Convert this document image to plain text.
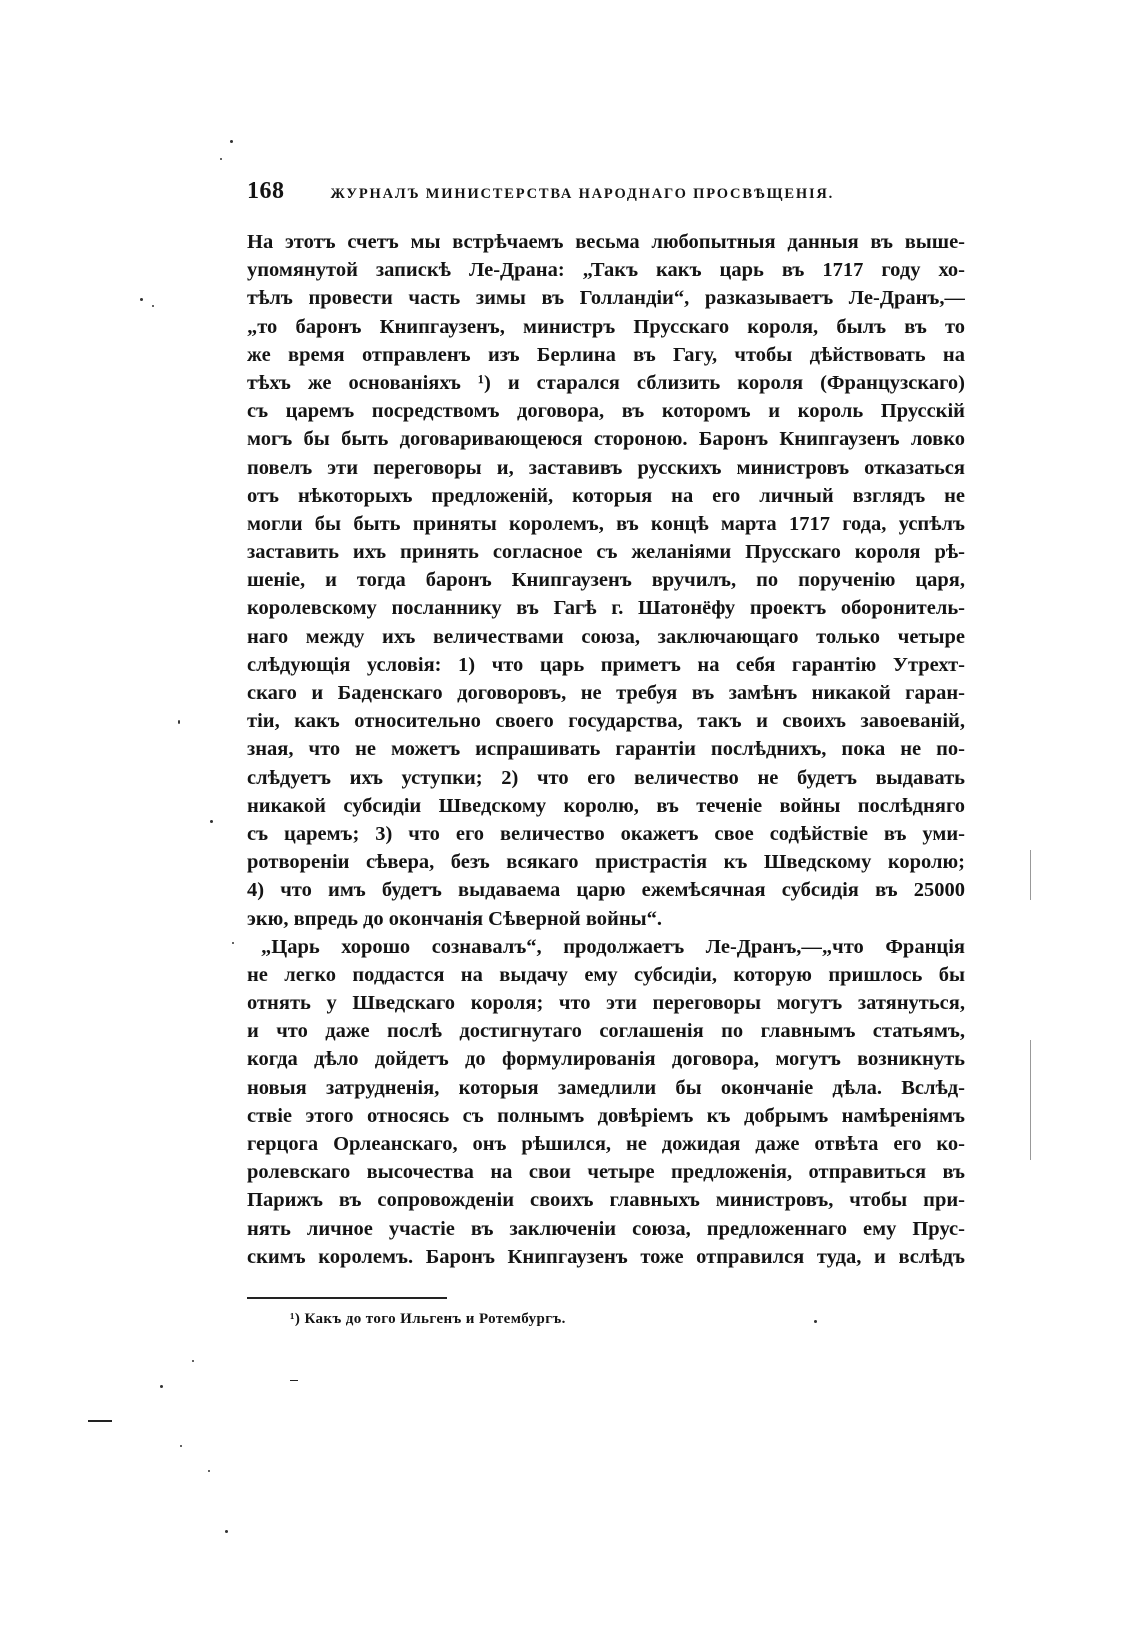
168	ЖУРНАЛЪ МИНИСТЕРСТВА НАРОДНАГО ПРОСВѢЩЕНІЯ.
На этотъ счетъ мы встрѣчаемъ весьма любопытныя данныя въ выше-
упомянутой запискѣ Ле-Драна: „Такъ какъ царь въ 1717 году хо-
тѣлъ провести часть зимы въ Голландіи“, разказываетъ Ле-Дранъ,—
„то баронъ Книпгаузенъ, министръ Прусскаго короля, былъ въ то
же время отправленъ изъ Берлина въ Гагу, чтобы дѣйствовать на
тѣхъ же основаніяхъ ¹) и старался сблизить короля (Французскаго)
съ царемъ посредствомъ договора, въ которомъ и король Прусскій
могъ бы быть договаривающеюся стороною. Баронъ Книпгаузенъ ловко
повелъ эти переговоры и, заставивъ русскихъ министровъ отказаться
отъ нѣкоторыхъ предложеній, которыя на его личный взглядъ не
могли бы быть приняты королемъ, въ концѣ марта 1717 года, успѣлъ
заставить ихъ принять согласное съ желаніями Прусскаго короля рѣ-
шеніе, и тогда баронъ Книпгаузенъ вручилъ, по порученію царя,
королевскому посланнику въ Гагѣ г. Шатонёфу проектъ оборонитель-
наго между ихъ величествами союза, заключающаго только четыре
слѣдующія условія: 1) что царь приметъ на себя гарантію Утрехт-
скаго и Баденскаго договоровъ, не требуя въ замѣнъ никакой гаран-
тіи, какъ относительно своего государства, такъ и своихъ завоеваній,
зная, что не можетъ испрашивать гарантіи послѣднихъ, пока не по-
слѣдуетъ ихъ уступки; 2) что его величество не будетъ выдавать
никакой субсидіи Шведскому королю, въ теченіе войны послѣдняго
съ царемъ; 3) что его величество окажетъ свое содѣйствіе въ уми-
ротвореніи сѣвера, безъ всякаго пристрастія къ Шведскому королю;
4) что имъ будетъ выдаваема царю ежемѣсячная субсидія въ 25000
экю, впредь до окончанія Сѣверной войны“.
„Царь хорошо сознавалъ“, продолжаетъ Ле-Дранъ,—„что Франція
не легко поддастся на выдачу ему субсидіи, которую пришлось бы
отнять у Шведскаго короля; что эти переговоры могутъ затянуться,
и что даже послѣ достигнутаго соглашенія по главнымъ статьямъ,
когда дѣло дойдетъ до формулированія договора, могутъ возникнуть
новыя затрудненія, которыя замедлили бы окончаніе дѣла. Вслѣд-
ствіе этого относясь съ полнымъ довѣріемъ къ добрымъ намѣреніямъ
герцога Орлеанскаго, онъ рѣшился, не дожидая даже отвѣта его ко-
ролевскаго высочества на свои четыре предложенія, отправиться въ
Парижъ въ сопровожденіи своихъ главныхъ министровъ, чтобы при-
нять личное участіе въ заключеніи союза, предложеннаго ему Прус-
скимъ королемъ. Баронъ Книпгаузенъ тоже отправился туда, и вслѣдъ
¹) Какъ до того Ильгенъ и Ротембургъ.
